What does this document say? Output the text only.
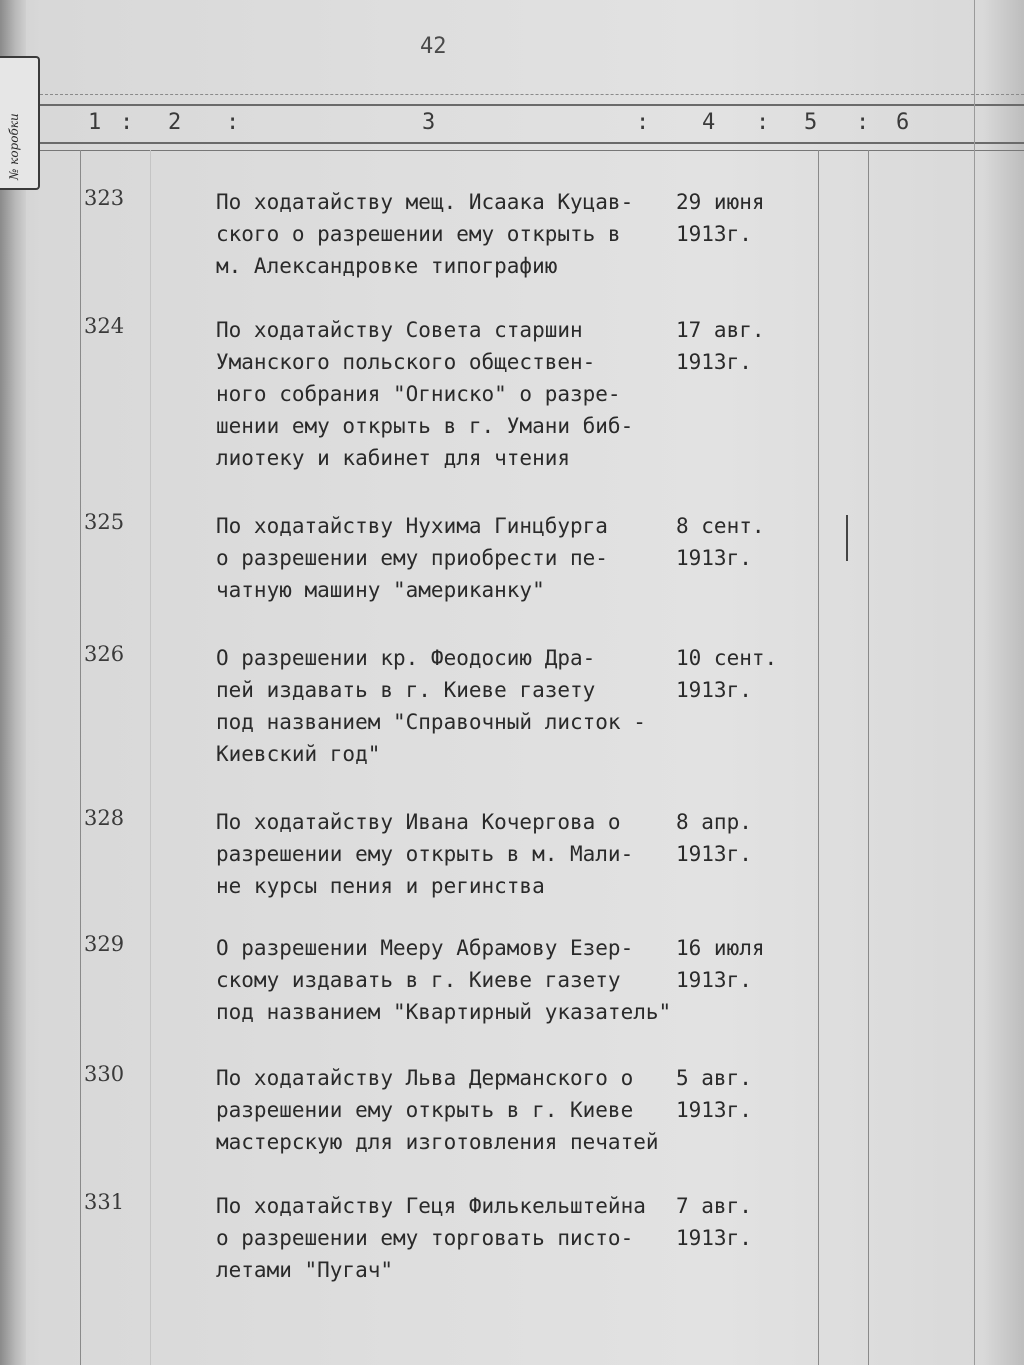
№ коробки
42
1 : 2 :	3	: 4 : 5 : 6
323	По ходатайству мещ. Исаака Куцав-
ского о разрешении ему открыть в
м. Александровке типографию
29 июня
1913г.
324	По ходатайству Совета старшин
Уманского польского обществен-
ного собрания "Огниско" о разре-
шении ему открыть в г. Умани биб-
лиотеку и кабинет для чтения
17 авг.
1913г.
325	По ходатайству Нухима Гинцбурга
о разрешении ему приобрести пе-
чатную машину "американку"
8 сент.
1913г.
326	О разрешении кр. Феодосию Дра-
пей издавать в г. Киеве газету
под названием "Справочный листок -
Киевский год"
10 сент.
1913г.
328	По ходатайству Ивана Кочергова о
разрешении ему открыть в м. Мали-
не курсы пения и регинства
8 апр.
1913г.
329	О разрешении Мееру Абрамову Езер-
скому издавать в г. Киеве газету
под названием "Квартирный указатель"
16 июля
1913г.
330	По ходатайству Льва Дерманского о
разрешении ему открыть в г. Киеве
мастерскую для изготовления печатей
5 авг.
1913г.
331	По ходатайству Геця Филькельштейна
о разрешении ему торговать писто-
летами "Пугач"
7 авг.
1913г.
